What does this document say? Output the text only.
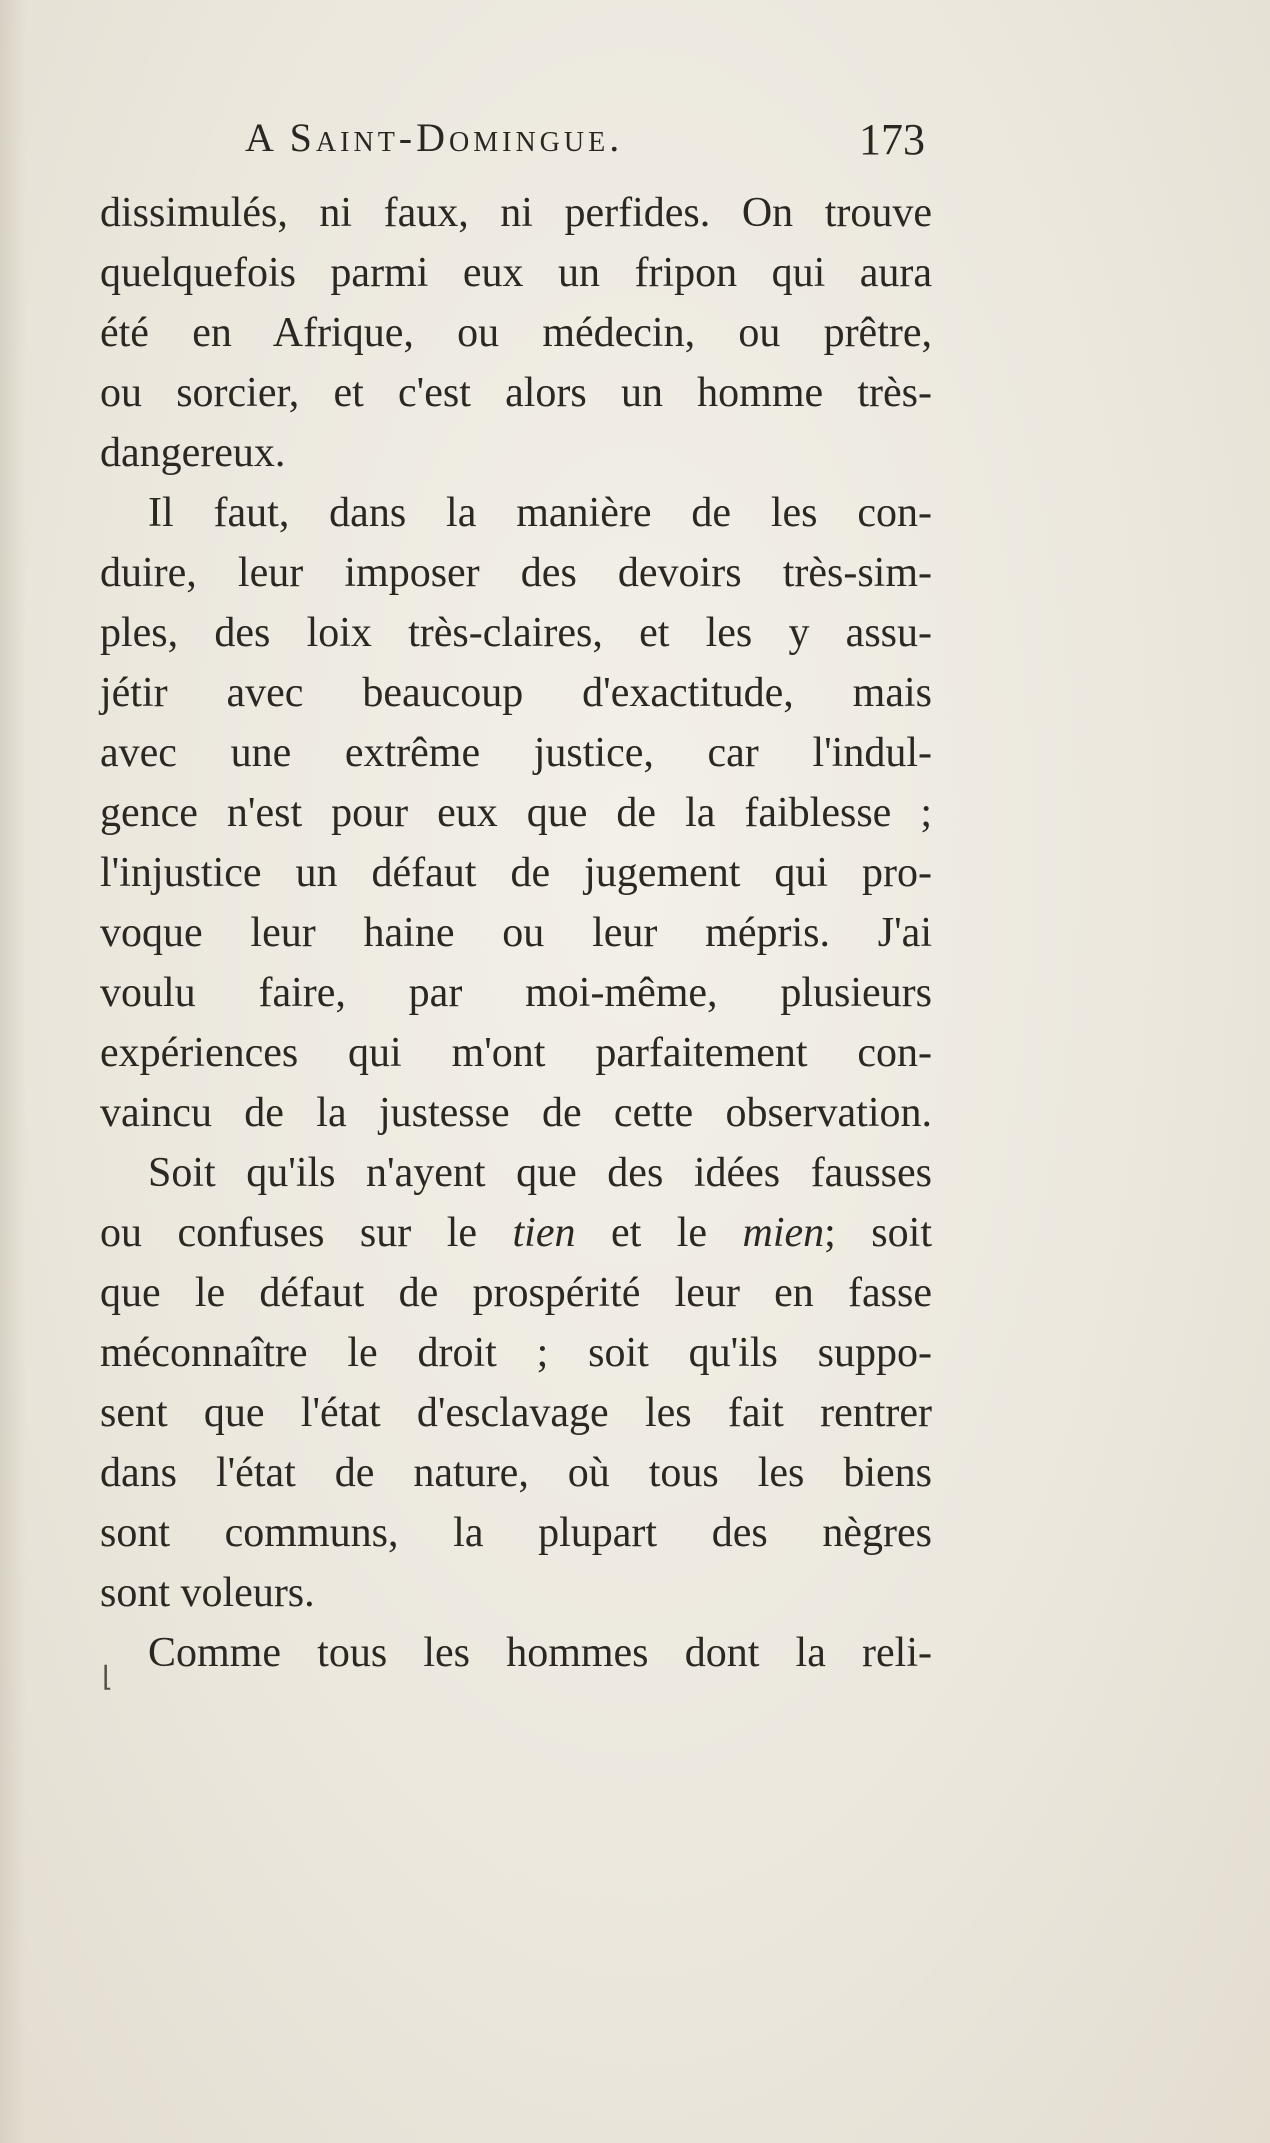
A Saint-Domingue.	173
dissimulés, ni faux, ni perfides. On trouve
quelquefois parmi eux un fripon qui aura
été en Afrique, ou médecin, ou prêtre,
ou sorcier, et c'est alors un homme très-
dangereux.
Il faut, dans la manière de les con-
duire, leur imposer des devoirs très-sim-
ples, des loix très-claires, et les y assu-
jétir avec beaucoup d'exactitude, mais
avec une extrême justice, car l'indul-
gence n'est pour eux que de la faiblesse ;
l'injustice un défaut de jugement qui pro-
voque leur haine ou leur mépris. J'ai
voulu faire, par moi-même, plusieurs
expériences qui m'ont parfaitement con-
vaincu de la justesse de cette observation.
Soit qu'ils n'ayent que des idées fausses
ou confuses sur le tien et le mien; soit
que le défaut de prospérité leur en fasse
méconnaître le droit ; soit qu'ils suppo-
sent que l'état d'esclavage les fait rentrer
dans l'état de nature, où tous les biens
sont communs, la plupart des nègres
sont voleurs.
Comme tous les hommes dont la reli-
⌊
